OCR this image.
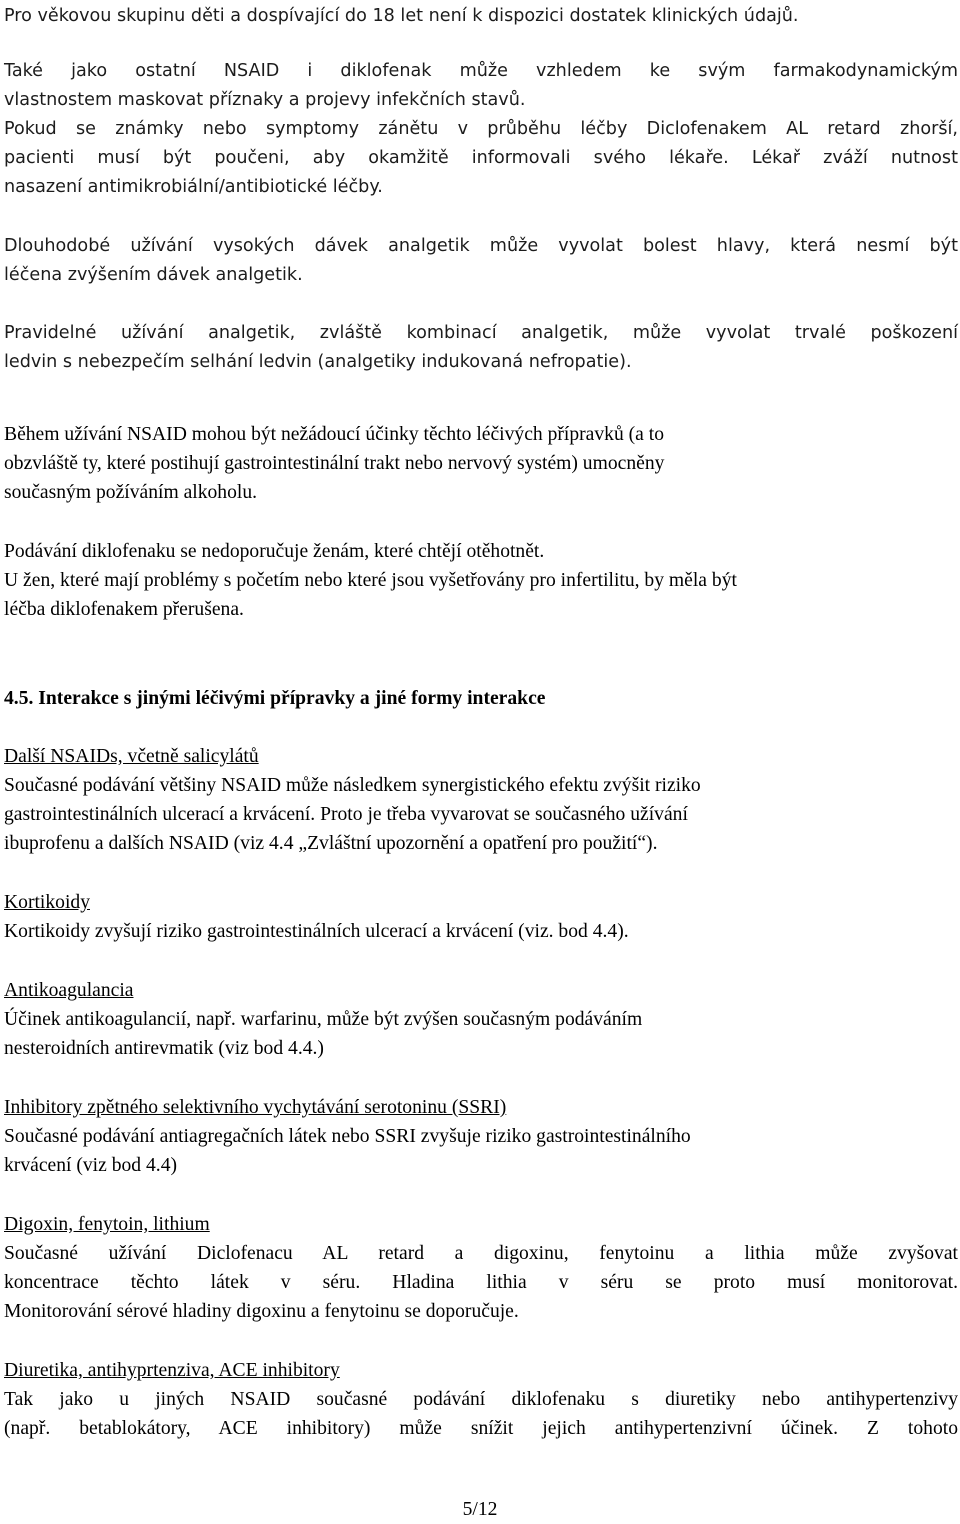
Pro věkovou skupinu děti a dospívající do 18 let není k dispozici dostatek klinických údajů.

Také jako ostatní NSAID i diklofenak může vzhledem ke svým farmakodynamickým

vlastnostem maskovat příznaky a projevy infekčních stavů.

Pokud se známky nebo symptomy zánětu v průběhu léčby Diclofenakem AL retard zhorší,

pacienti musí být poučeni, aby okamžitě informovali svého lékaře. Lékař zváží nutnost

nasazení antimikrobiální/antibiotické léčby.

Dlouhodobé užívání vysokých dávek analgetik může vyvolat bolest hlavy, která nesmí být

léčena zvýšením dávek analgetik.

Pravidelné užívání analgetik, zvláště kombinací analgetik, může vyvolat trvalé poškození

ledvin s nebezpečím selhání ledvin (analgetiky indukovaná nefropatie).

Během užívání NSAID mohou být nežádoucí účinky těchto léčivých přípravků (a to

obzvláště ty, které postihují gastrointestinální trakt nebo nervový systém) umocněny

současným požíváním alkoholu.

Podávání diklofenaku se nedoporučuje ženám, které chtějí otěhotnět.

U žen, které mají problémy s početím nebo které jsou vyšetřovány pro infertilitu, by měla být

léčba diklofenakem přerušena.

4.5. Interakce s jinými léčivými přípravky a jiné formy interakce

Další NSAIDs, včetně salicylátů

Současné podávání většiny NSAID může následkem synergistického efektu zvýšit riziko

gastrointestinálních ulcerací a krvácení. Proto je třeba vyvarovat se současného užívání

ibuprofenu a dalších NSAID (viz 4.4 „Zvláštní upozornění a opatření pro použití“).

Kortikoidy

Kortikoidy zvyšují riziko gastrointestinálních ulcerací a krvácení (viz. bod 4.4).

Antikoagulancia

Účinek antikoagulancií, např. warfarinu, může být zvýšen současným podáváním

nesteroidních antirevmatik (viz bod 4.4.)

Inhibitory zpětného selektivního vychytávání serotoninu (SSRI)

Současné podávání antiagregačních látek nebo SSRI zvyšuje riziko gastrointestinálního

krvácení (viz bod 4.4)

Digoxin, fenytoin, lithium

Současné užívání Diclofenacu AL retard a digoxinu, fenytoinu a lithia může zvyšovat

koncentrace těchto látek v séru. Hladina lithia v séru se proto musí monitorovat.

Monitorování sérové hladiny digoxinu a fenytoinu se doporučuje.

Diuretika, antihyprtenziva, ACE inhibitory

Tak jako u jiných NSAID současné podávání diklofenaku s diuretiky nebo antihypertenzivy

(např. betablokátory, ACE inhibitory) může snížit jejich antihypertenzivní účinek. Z tohoto

5/12
